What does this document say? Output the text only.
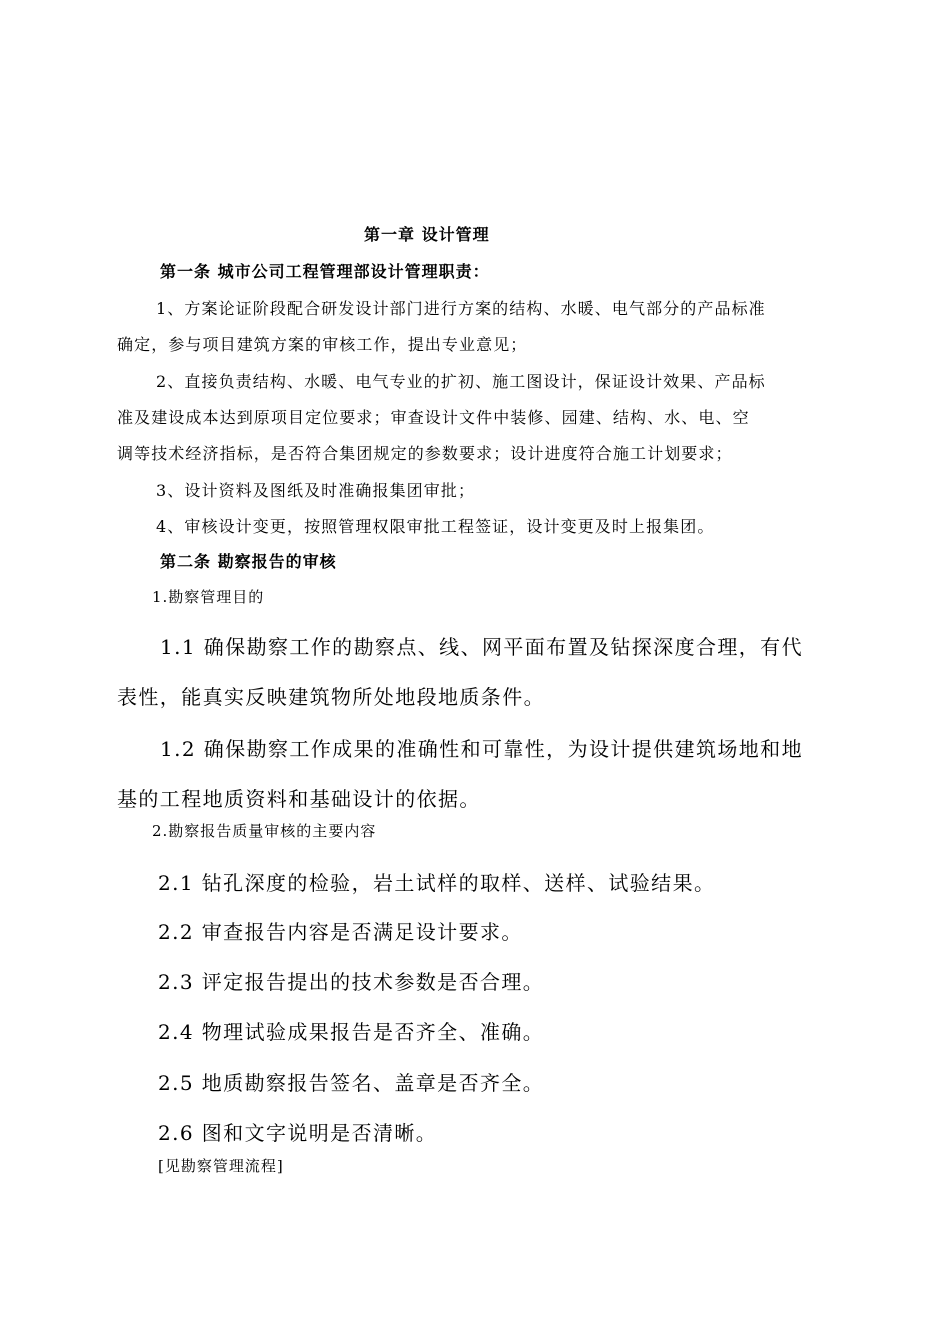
第一章 设计管理

第一条 城市公司工程管理部设计管理职责：

1、方案论证阶段配合研发设计部门进行方案的结构、水暖、电气部分的产品标准

确定，参与项目建筑方案的审核工作，提出专业意见；

2、直接负责结构、水暖、电气专业的扩初、施工图设计，保证设计效果、产品标

准及建设成本达到原项目定位要求；审查设计文件中装修、园建、结构、水、电、空

调等技术经济指标，是否符合集团规定的参数要求；设计进度符合施工计划要求；

3、设计资料及图纸及时准确报集团审批；

4、审核设计变更，按照管理权限审批工程签证，设计变更及时上报集团。

第二条 勘察报告的审核

1.勘察管理目的

1.1 确保勘察工作的勘察点、线、网平面布置及钻探深度合理，有代

表性，能真实反映建筑物所处地段地质条件。

1.2 确保勘察工作成果的准确性和可靠性，为设计提供建筑场地和地

基的工程地质资料和基础设计的依据。

2.勘察报告质量审核的主要内容

2.1 钻孔深度的检验，岩土试样的取样、送样、试验结果。

2.2 审查报告内容是否满足设计要求。

2.3 评定报告提出的技术参数是否合理。

2.4 物理试验成果报告是否齐全、准确。

2.5 地质勘察报告签名、盖章是否齐全。

2.6 图和文字说明是否清晰。

[见勘察管理流程]
